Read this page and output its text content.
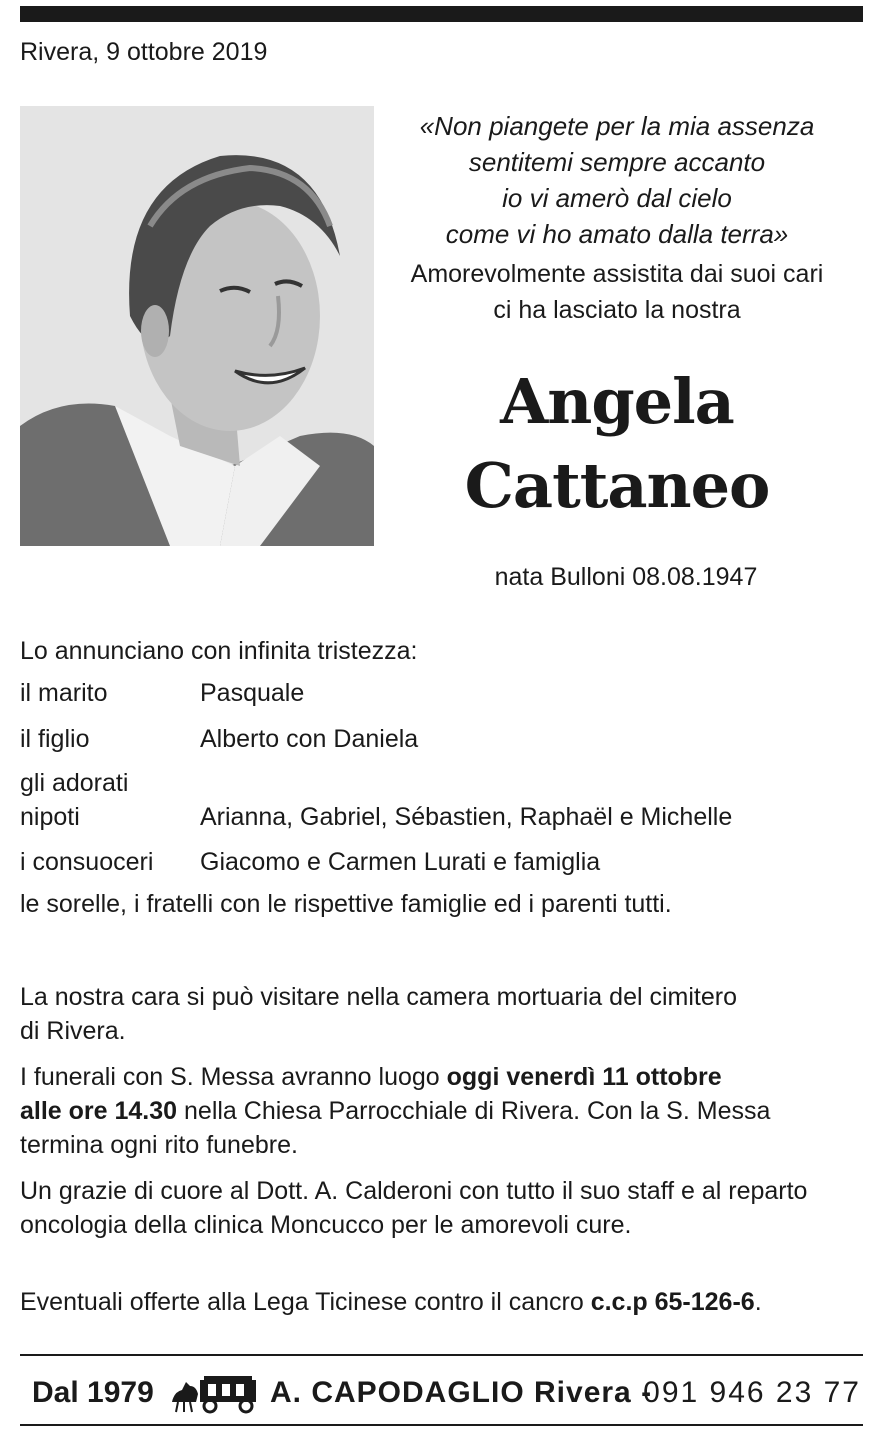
Rivera, 9 ottobre 2019
«Non piangete per la mia assenza
sentitemi sempre accanto
io vi amerò dal cielo
come vi ho amato dalla terra»
Amorevolmente assistita dai suoi cari
ci ha lasciato la nostra
Angela
Cattaneo
nata Bulloni 08.08.1947
Lo annunciano con infinita tristezza:
il marito	Pasquale
il figlio	Alberto con Daniela
gli adorati
nipoti	Arianna, Gabriel, Sébastien, Raphaël e Michelle
i consuoceri	Giacomo e Carmen Lurati e famiglia
le sorelle, i fratelli con le rispettive famiglie ed i parenti tutti.
La nostra cara si può visitare nella camera mortuaria del cimitero
di Rivera.
I funerali con S. Messa avranno luogo oggi venerdì 11 ottobre
alle ore 14.30 nella Chiesa Parrocchiale di Rivera. Con la S. Messa
termina ogni rito funebre.
Un grazie di cuore al Dott. A. Calderoni con tutto il suo staff e al reparto
oncologia della clinica Moncucco per le amorevoli cure.
Eventuali offerte alla Lega Ticinese contro il cancro c.c.p 65-126-6.
Dal 1979	A. CAPODAGLIO Rivera -
091 946 23 77
